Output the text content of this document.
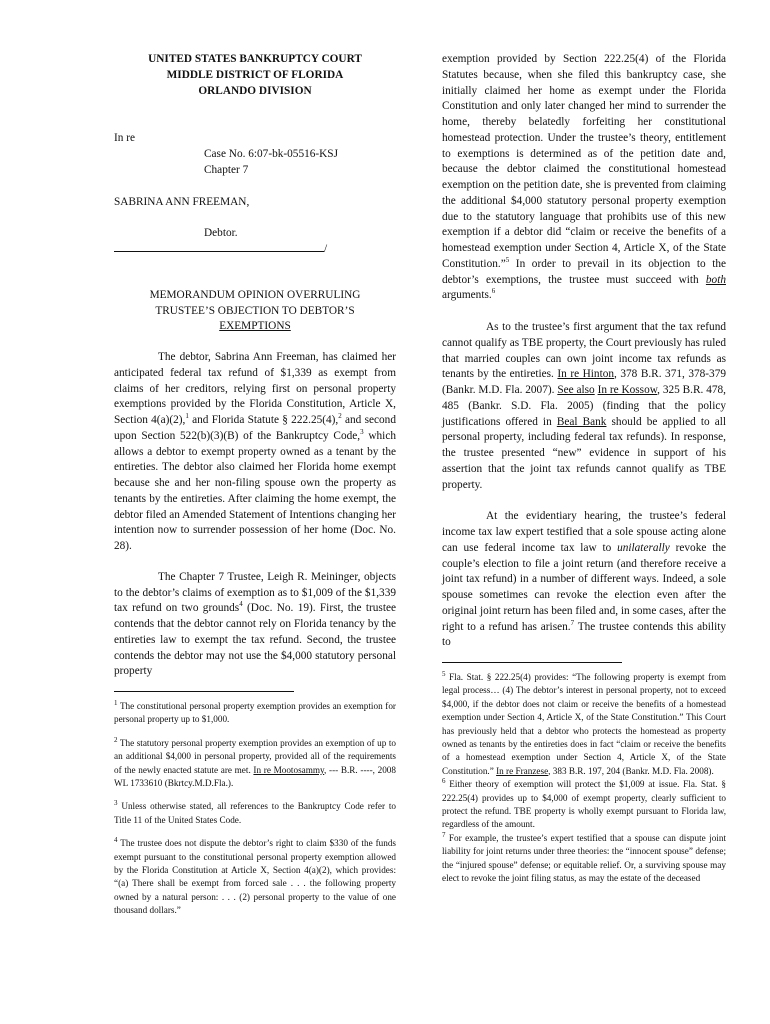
UNITED STATES BANKRUPTCY COURT
MIDDLE DISTRICT OF FLORIDA
ORLANDO DIVISION
In re
Case No. 6:07-bk-05516-KSJ
Chapter 7
SABRINA ANN FREEMAN,
Debtor.
/
MEMORANDUM OPINION OVERRULING
TRUSTEE’S OBJECTION TO DEBTOR’S
EXEMPTIONS

The debtor, Sabrina Ann Freeman, has claimed her anticipated federal tax refund of $1,339 as exempt from claims of her creditors, relying first on personal property exemptions provided by the Florida Constitution, Article X, Section 4(a)(2),$^1$ and Florida Statute § 222.25(4),$^2$ and second upon Section 522(b)(3)(B) of the Bankruptcy Code,$^3$ which allows a debtor to exempt property owned as a tenant by the entireties. The debtor also claimed her Florida home exempt because she and her non-filing spouse own the property as tenants by the entireties. After claiming the home exempt, the debtor filed an Amended Statement of Intentions changing her intention now to surrender possession of her home (Doc. No. 28).

The Chapter 7 Trustee, Leigh R. Meininger, objects to the debtor’s claims of exemption as to $1,009 of the $1,339 tax refund on two grounds$^4$ (Doc. No. 19). First, the trustee contends that the debtor cannot rely on Florida tenancy by the entireties law to exempt the tax refund. Second, the trustee contends the debtor may not use the $4,000 statutory personal property

$^1$ The constitutional personal property exemption provides an exemption for personal property up to $1,000.

$^2$ The statutory personal property exemption provides an exemption of up to an additional $4,000 in personal property, provided all of the requirements of the newly enacted statute are met. In re Mootosammy, --- B.R. ----, 2008 WL 1733610 (Bkrtcy.M.D.Fla.).

$^3$ Unless otherwise stated, all references to the Bankruptcy Code refer to Title 11 of the United States Code.

$^4$ The trustee does not dispute the debtor’s right to claim $330 of the funds exempt pursuant to the constitutional personal property exemption allowed by the Florida Constitution at Article X, Section 4(a)(2), which provides: “(a) There shall be exempt from forced sale . . . the following property owned by a natural person: . . . (2) personal property to the value of one thousand dollars.”

exemption provided by Section 222.25(4) of the Florida Statutes because, when she filed this bankruptcy case, she initially claimed her home as exempt under the Florida Constitution and only later changed her mind to surrender the home, thereby belatedly forfeiting her constitutional homestead protection. Under the trustee’s theory, entitlement to exemptions is determined as of the petition date and, because the debtor claimed the constitutional homestead exemption on the petition date, she is prevented from claiming the additional $4,000 statutory personal property exemption due to the statutory language that prohibits use of this new exemption if a debtor did “claim or receive the benefits of a homestead exemption under Section 4, Article X, of the State Constitution.”$^5$ In order to prevail in its objection to the debtor’s exemptions, the trustee must succeed with both arguments.$^6$

As to the trustee’s first argument that the tax refund cannot qualify as TBE property, the Court previously has ruled that married couples can own joint income tax refunds as tenants by the entireties. In re Hinton, 378 B.R. 371, 378-379 (Bankr. M.D. Fla. 2007). See also In re Kossow, 325 B.R. 478, 485 (Bankr. S.D. Fla. 2005) (finding that the policy justifications offered in Beal Bank should be applied to all personal property, including federal tax refunds). In response, the trustee presented “new” evidence in support of his assertion that the joint tax refunds cannot qualify as TBE property.

At the evidentiary hearing, the trustee’s federal income tax law expert testified that a sole spouse acting alone can use federal income tax law to unilaterally revoke the couple’s election to file a joint return (and therefore receive a joint tax refund) in a number of different ways. Indeed, a sole spouse sometimes can revoke the election even after the original joint return has been filed and, in some cases, after the right to a refund has arisen.$^7$ The trustee contends this ability to

$^5$ Fla. Stat. § 222.25(4) provides: “The following property is exempt from legal process… (4) The debtor’s interest in personal property, not to exceed $4,000, if the debtor does not claim or receive the benefits of a homestead exemption under Section 4, Article X, of the State Constitution.” This Court has previously held that a debtor who protects the homestead as property owned as tenants by the entireties does in fact “claim or receive the benefits of a homestead exemption under Section 4, Article X, of the State Constitution.” In re Franzese, 383 B.R. 197, 204 (Bankr. M.D. Fla. 2008).

$^6$ Either theory of exemption will protect the $1,009 at issue. Fla. Stat. § 222.25(4) provides up to $4,000 of exempt property, clearly sufficient to protect the refund. TBE property is wholly exempt pursuant to Florida law, regardless of the amount.

$^7$ For example, the trustee’s expert testified that a spouse can dispute joint liability for joint returns under three theories: the “innocent spouse” defense; the “injured spouse” defense; or equitable relief. Or, a surviving spouse may elect to revoke the joint filing status, as may the estate of the deceased
